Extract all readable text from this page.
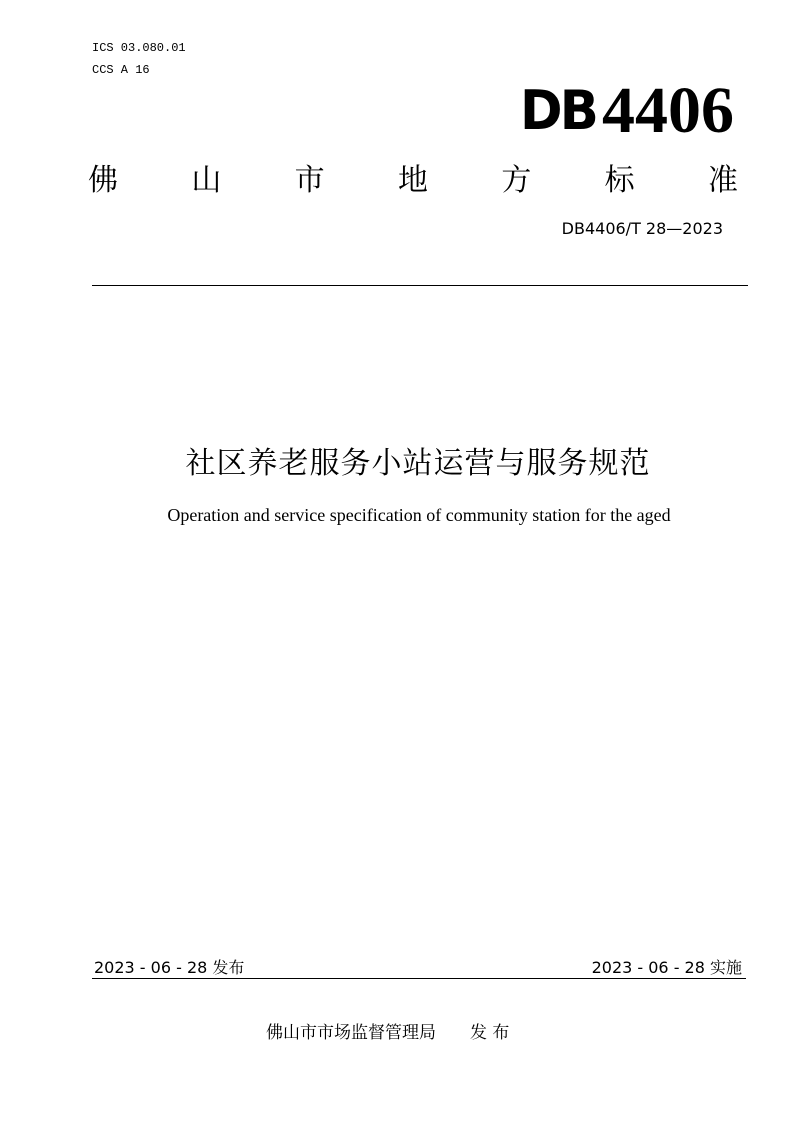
ICS 03.080.01
CCS A 16
DB 4406
佛 山 市 地 方 标 准
DB4406/T 28—2023
社区养老服务小站运营与服务规范
Operation and service specification of community station for the aged
2023 - 06 - 28 发布	2023 - 06 - 28 实施
佛山市市场监督管理局 发 布
